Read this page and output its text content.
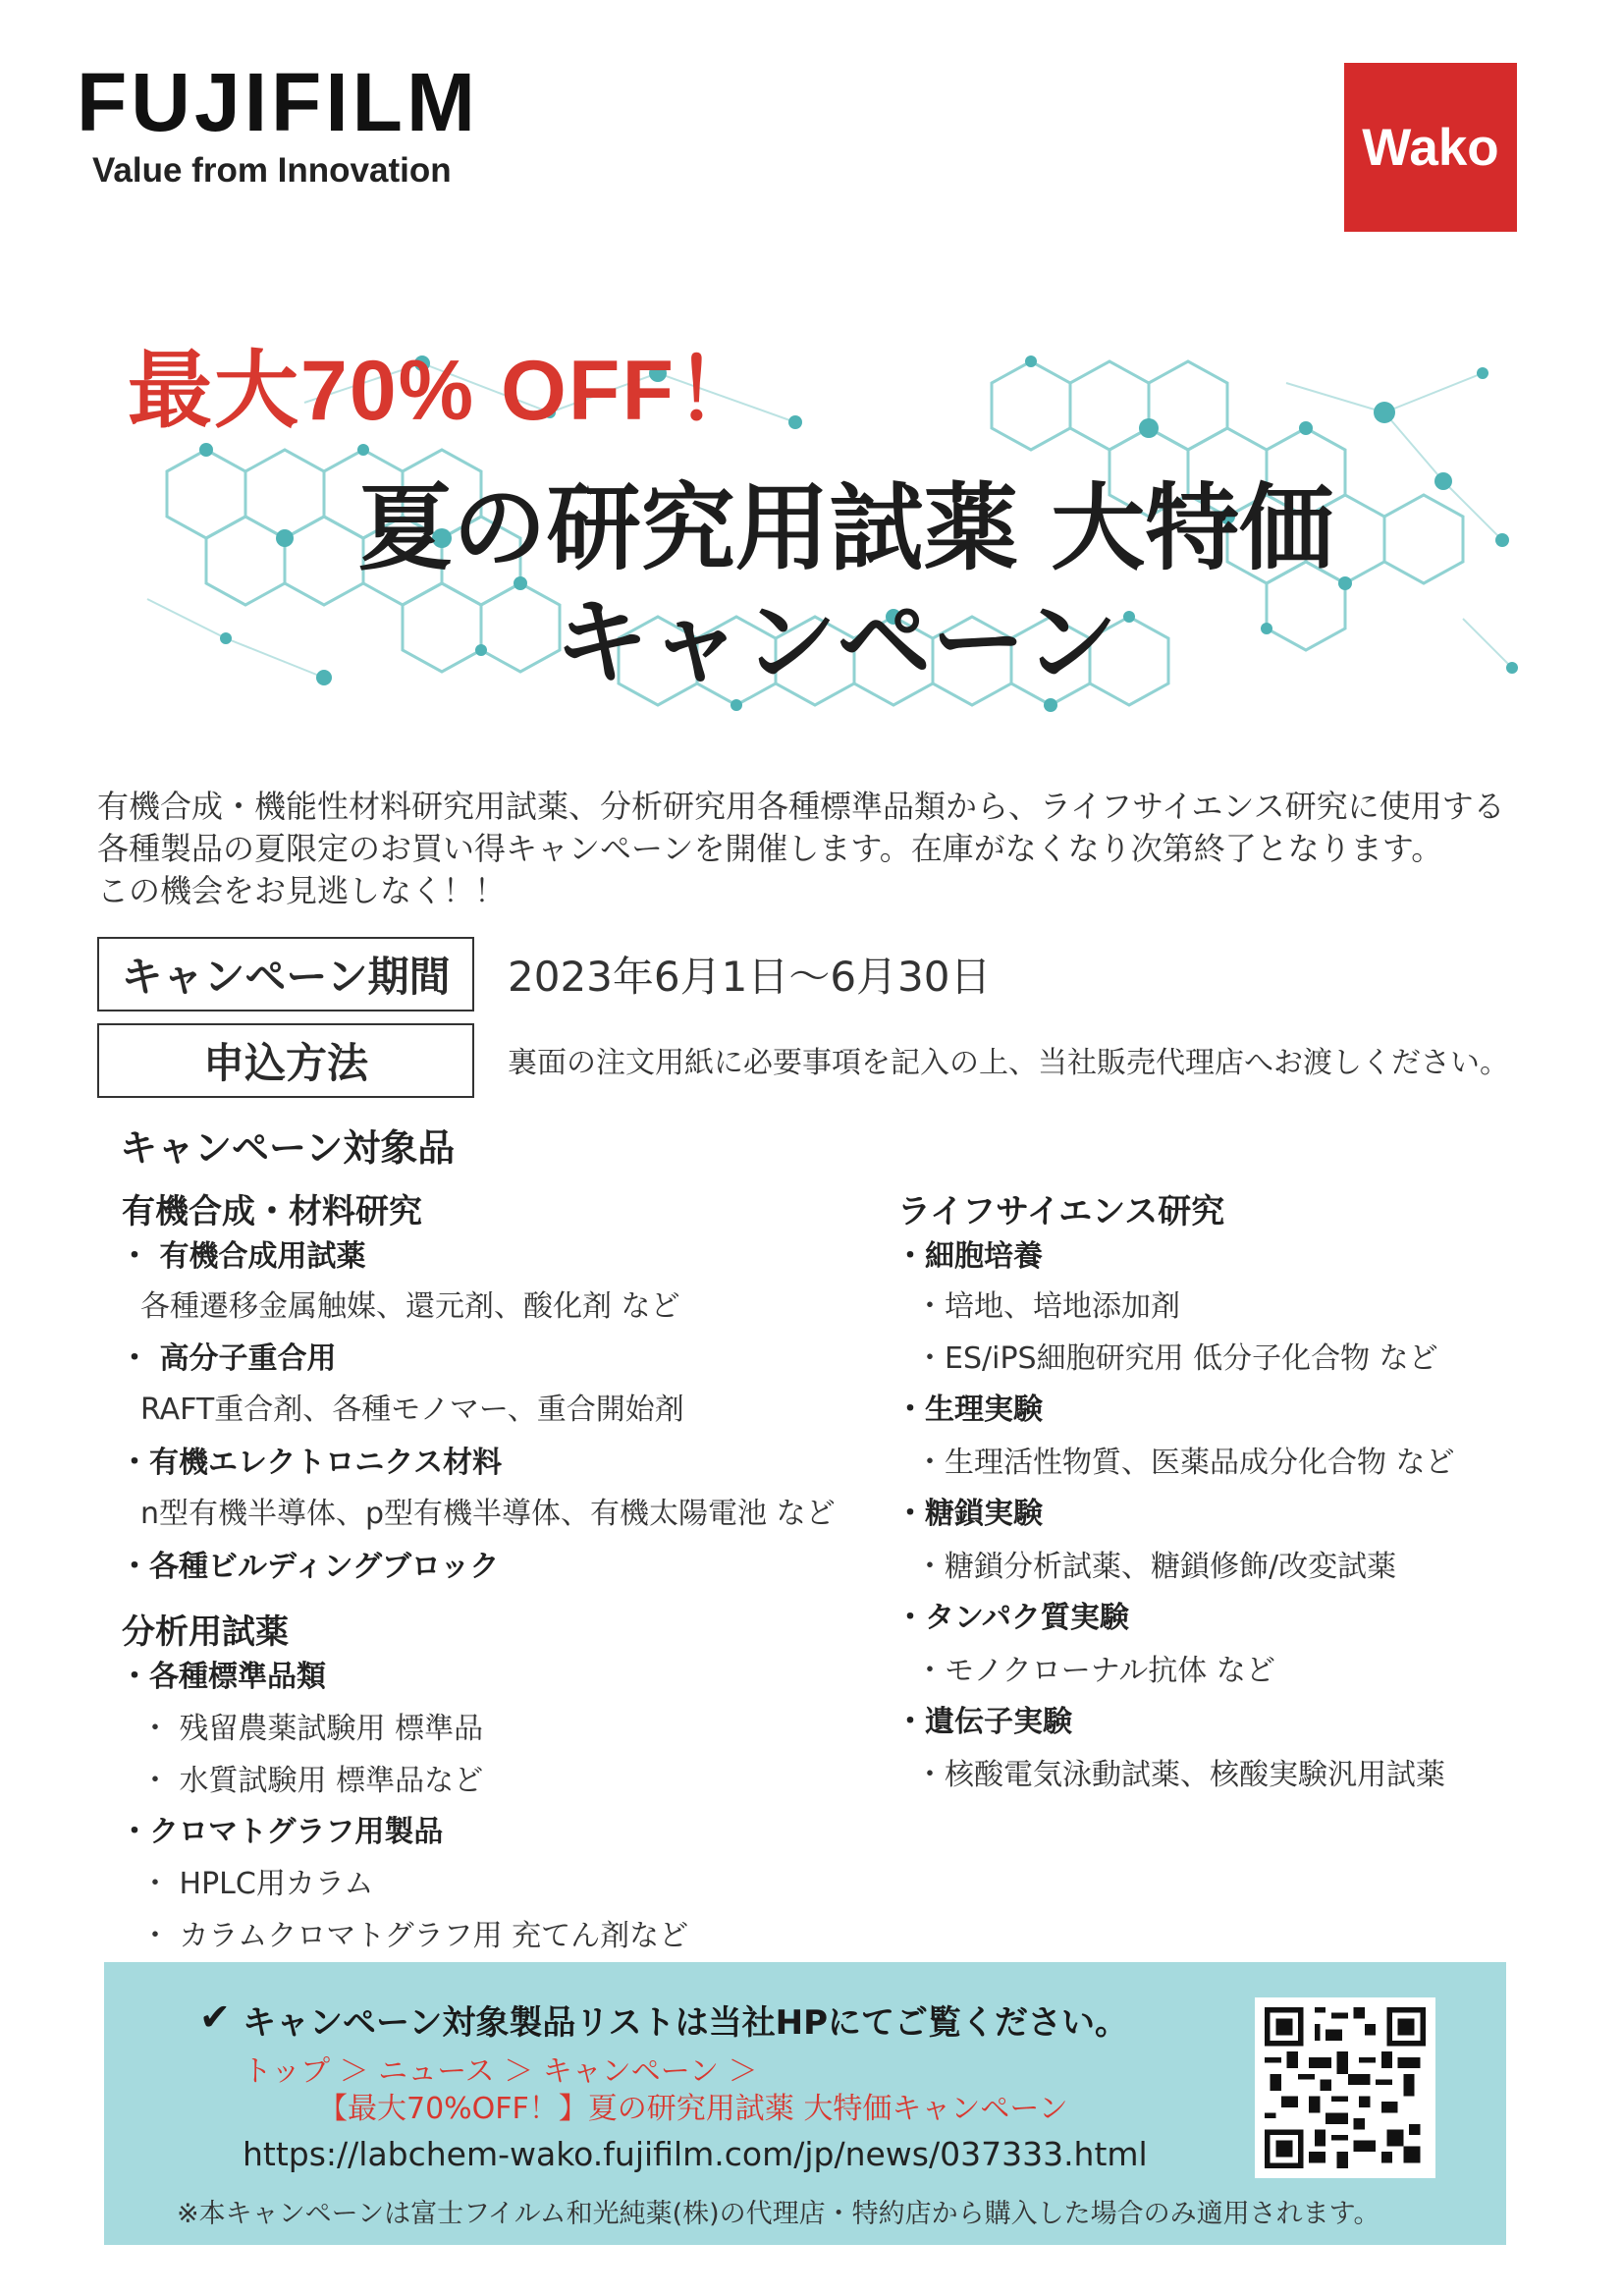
FUJIFILM
Value from Innovation	Wako
最大70% OFF！
夏の研究用試薬 大特価
キャンペーン
有機合成・機能性材料研究用試薬、分析研究用各種標準品類から、ライフサイエンス研究に使用する
各種製品の夏限定のお買い得キャンペーンを開催します。在庫がなくなり次第終了となります。
この機会をお見逃しなく！！
キャンペーン期間	2023年6月1日～6月30日
申込方法	裏面の注文用紙に必要事項を記入の上、当社販売代理店へお渡しください。
キャンペーン対象品
有機合成・材料研究
・ 有機合成用試薬
各種遷移金属触媒、還元剤、酸化剤 など
・ 高分子重合用
RAFT重合剤、各種モノマー、重合開始剤
・有機エレクトロニクス材料
n型有機半導体、p型有機半導体、有機太陽電池 など
・各種ビルディングブロック
分析用試薬
・各種標準品類
・ 残留農薬試験用 標準品
・ 水質試験用 標準品など
・クロマトグラフ用製品
・ HPLC用カラム
・ カラムクロマトグラフ用 充てん剤など
ライフサイエンス研究
・細胞培養
・培地、培地添加剤
・ES/iPS細胞研究用 低分子化合物 など
・生理実験
・生理活性物質、医薬品成分化合物 など
・糖鎖実験
・糖鎖分析試薬、糖鎖修飾/改変試薬
・タンパク質実験
・モノクローナル抗体 など
・遺伝子実験
・核酸電気泳動試薬、核酸実験汎用試薬
✔ キャンペーン対象製品リストは当社HPにてご覧ください。
トップ ＞ ニュース ＞ キャンペーン ＞
【最大70%OFF！】夏の研究用試薬 大特価キャンペーン
https://labchem-wako.fujifilm.com/jp/news/037333.html
※本キャンペーンは富士フイルム和光純薬(株)の代理店・特約店から購入した場合のみ適用されます。
